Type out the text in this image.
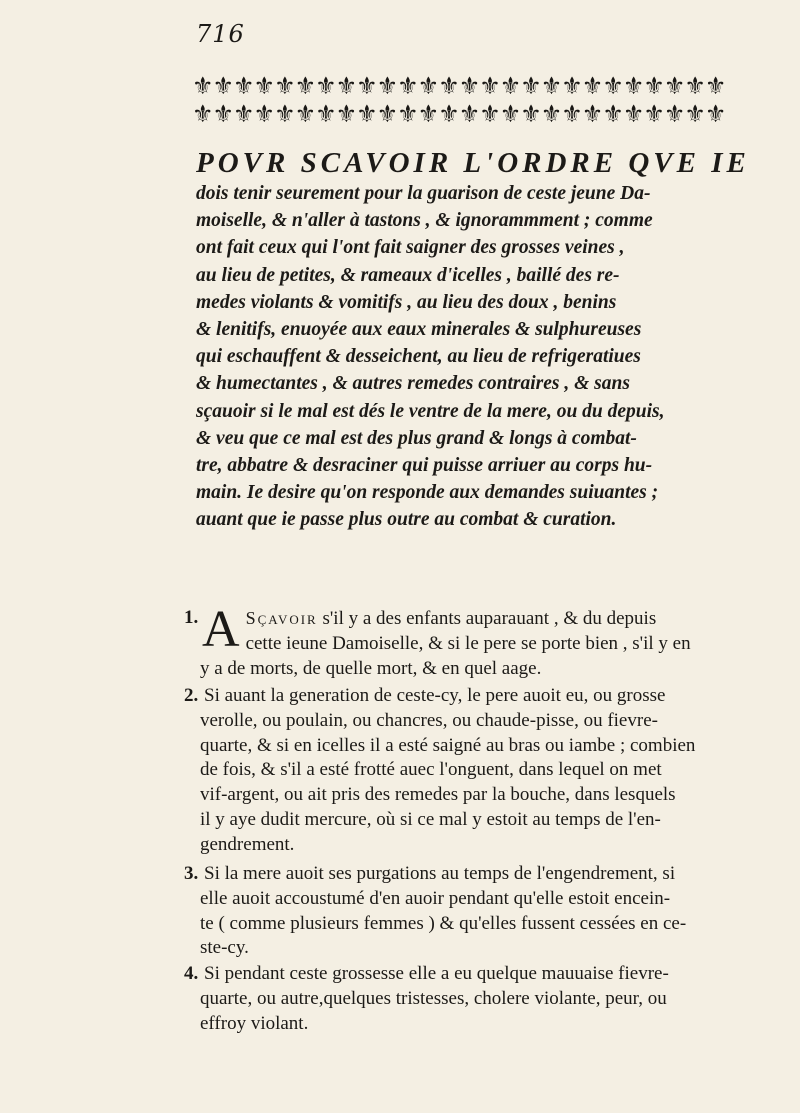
716
⚜⚜⚜⚜⚜⚜⚜⚜⚜⚜⚜⚜⚜⚜⚜⚜⚜⚜⚜⚜⚜⚜⚜⚜⚜⚜
⚜⚜⚜⚜⚜⚜⚜⚜⚜⚜⚜⚜⚜⚜⚜⚜⚜⚜⚜⚜⚜⚜⚜⚜⚜⚜
POVR SCAVOIR L'ORDRE QVE IE
dois tenir seurement pour la guarison de ceste jeune Da-
moiselle, & n'aller à tastons , & ignorammment ; comme
ont fait ceux qui l'ont fait saigner des grosses veines ,
au lieu de petites, & rameaux d'icelles , baillé des re-
medes violants & vomitifs , au lieu des doux , benins
& lenitifs, enuoyée aux eaux minerales & sulphureuses
qui eschauffent & desseichent, au lieu de refrigeratiues
& humectantes , & autres remedes contraires , & sans
sçauoir si le mal est dés le ventre de la mere, ou du depuis,
& veu que ce mal est des plus grand & longs à combat-
tre, abbatre & desraciner qui puisse arriuer au corps hu-
main. Ie desire qu'on responde aux demandes suiuantes ;
auant que ie passe plus outre au combat & curation.
1. A Sçavoir s'il y a des enfants auparauant , & du depuis
cette ieune Damoiselle, & si le pere se porte bien , s'il y en
y a de morts, de quelle mort, & en quel aage.
2. Si auant la generation de ceste-cy, le pere auoit eu, ou grosse
verolle, ou poulain, ou chancres, ou chaude-pisse, ou fievre-
quarte, & si en icelles il a esté saigné au bras ou iambe ; combien
de fois, & s'il a esté frotté auec l'onguent, dans lequel on met
vif-argent, ou ait pris des remedes par la bouche, dans lesquels
il y aye dudit mercure, où si ce mal y estoit au temps de l'en-
gendrement.
3. Si la mere auoit ses purgations au temps de l'engendrement, si
elle auoit accoustumé d'en auoir pendant qu'elle estoit encein-
te ( comme plusieurs femmes ) & qu'elles fussent cessées en ce-
ste-cy.
4. Si pendant ceste grossesse elle a eu quelque mauuaise fievre-
quarte, ou autre,quelques tristesses, cholere violante, peur, ou
effroy violant.
